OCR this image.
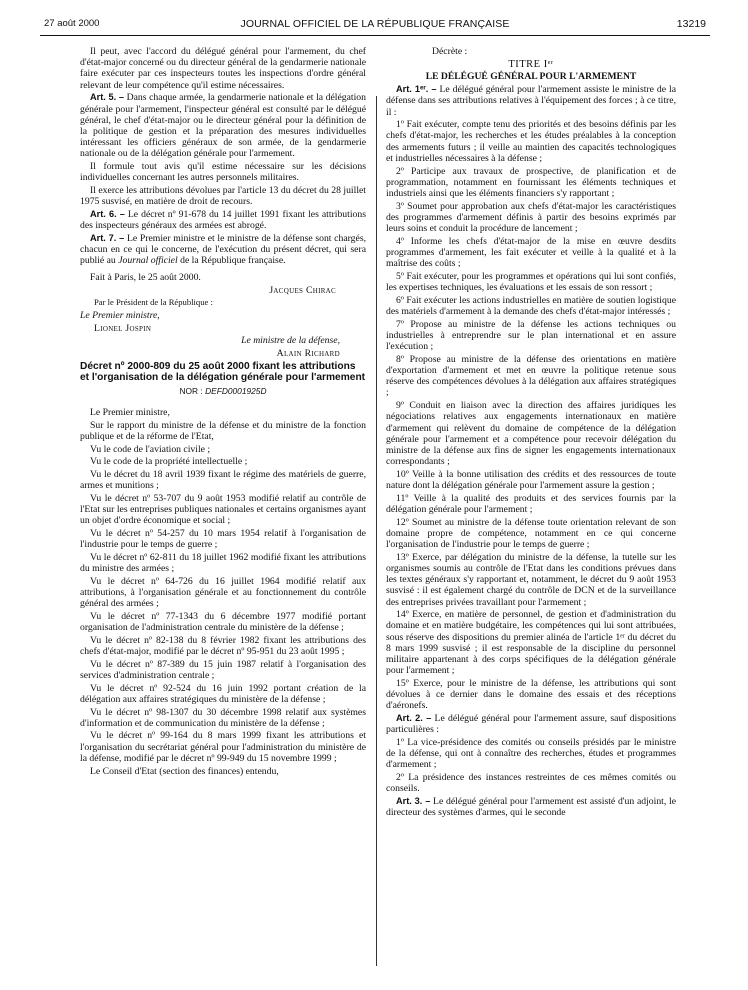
27 août 2000	JOURNAL OFFICIEL DE LA RÉPUBLIQUE FRANÇAISE	13219

Il peut, avec l'accord du délégué général pour l'armement, du chef d'état-major concerné ou du directeur général de la gendarmerie nationale faire exécuter par ces inspecteurs toutes les inspections d'ordre général relevant de leur compétence qu'il estime nécessaires.

Art. 5. – Dans chaque armée, la gendarmerie nationale et la délégation générale pour l'armement, l'inspecteur général est consulté par le délégué général, le chef d'état-major ou le directeur général pour la définition de la politique de gestion et la préparation des mesures individuelles intéressant les officiers généraux de son armée, de la gendarmerie nationale ou de la délégation générale pour l'armement.

Il formule tout avis qu'il estime nécessaire sur les décisions individuelles concernant les autres personnels militaires.

Il exerce les attributions dévolues par l'article 13 du décret du 28 juillet 1975 susvisé, en matière de droit de recours.

Art. 6. – Le décret nº 91-678 du 14 juillet 1991 fixant les attributions des inspecteurs généraux des armées est abrogé.

Art. 7. – Le Premier ministre et le ministre de la défense sont chargés, chacun en ce qui le concerne, de l'exécution du présent décret, qui sera publié au Journal officiel de la République française.

Fait à Paris, le 25 août 2000.

Jacques Chirac

Par le Président de la République :

Le Premier ministre,

Lionel Jospin

Le ministre de la défense,

Alain Richard

Décret nº 2000-809 du 25 août 2000 fixant les attributions et l'organisation de la délégation générale pour l'armement

NOR : DEFD0001925D

Le Premier ministre,

Sur le rapport du ministre de la défense et du ministre de la fonction publique et de la réforme de l'Etat,

Vu le code de l'aviation civile ;

Vu le code de la propriété intellectuelle ;

Vu le décret du 18 avril 1939 fixant le régime des matériels de guerre, armes et munitions ;

Vu le décret nº 53-707 du 9 août 1953 modifié relatif au contrôle de l'Etat sur les entreprises publiques nationales et certains organismes ayant un objet d'ordre économique et social ;

Vu le décret nº 54-257 du 10 mars 1954 relatif à l'organisation de l'industrie pour le temps de guerre ;

Vu le décret nº 62-811 du 18 juillet 1962 modifié fixant les attributions du ministre des armées ;

Vu le décret nº 64-726 du 16 juillet 1964 modifié relatif aux attributions, à l'organisation générale et au fonctionnement du contrôle général des armées ;

Vu le décret nº 77-1343 du 6 décembre 1977 modifié portant organisation de l'administration centrale du ministère de la défense ;

Vu le décret nº 82-138 du 8 février 1982 fixant les attributions des chefs d'état-major, modifié par le décret nº 95-951 du 23 août 1995 ;

Vu le décret nº 87-389 du 15 juin 1987 relatif à l'organisation des services d'administration centrale ;

Vu le décret nº 92-524 du 16 juin 1992 portant création de la délégation aux affaires stratégiques du ministère de la défense ;

Vu le décret nº 98-1307 du 30 décembre 1998 relatif aux systèmes d'information et de communication du ministère de la défense ;

Vu le décret nº 99-164 du 8 mars 1999 fixant les attributions et l'organisation du secrétariat général pour l'administration du ministère de la défense, modifié par le décret nº 99-949 du 15 novembre 1999 ;

Le Conseil d'Etat (section des finances) entendu,

Décrète :

TITRE Iᵉʳ

LE DÉLÉGUÉ GÉNÉRAL POUR L'ARMEMENT

Art. 1ᵉʳ. – Le délégué général pour l'armement assiste le ministre de la défense dans ses attributions relatives à l'équipement des forces ; à ce titre, il :

1º Fait exécuter, compte tenu des priorités et des besoins définis par les chefs d'état-major, les recherches et les études préalables à la conception des armements futurs ; il veille au maintien des capacités technologiques et industrielles nécessaires à la défense ;

2º Participe aux travaux de prospective, de planification et de programmation, notamment en fournissant les éléments techniques et industriels ainsi que les éléments financiers s'y rapportant ;

3º Soumet pour approbation aux chefs d'état-major les caractéristiques des programmes d'armement définis à partir des besoins exprimés par leurs soins et conduit la procédure de lancement ;

4º Informe les chefs d'état-major de la mise en œuvre desdits programmes d'armement, les fait exécuter et veille à la qualité et à la maîtrise des coûts ;

5º Fait exécuter, pour les programmes et opérations qui lui sont confiés, les expertises techniques, les évaluations et les essais de son ressort ;

6º Fait exécuter les actions industrielles en matière de soutien logistique des matériels d'armement à la demande des chefs d'état-major intéressés ;

7º Propose au ministre de la défense les actions techniques ou industrielles à entreprendre sur le plan international et en assure l'exécution ;

8º Propose au ministre de la défense des orientations en matière d'exportation d'armement et met en œuvre la politique retenue sous réserve des compétences dévolues à la délégation aux affaires stratégiques ;

9º Conduit en liaison avec la direction des affaires juridiques les négociations relatives aux engagements internationaux en matière d'armement qui relèvent du domaine de compétence de la délégation générale pour l'armement et a compétence pour recevoir délégation du ministre de la défense aux fins de signer les engagements internationaux correspondants ;

10º Veille à la bonne utilisation des crédits et des ressources de toute nature dont la délégation générale pour l'armement assure la gestion ;

11º Veille à la qualité des produits et des services fournis par la délégation générale pour l'armement ;

12º Soumet au ministre de la défense toute orientation relevant de son domaine propre de compétence, notamment en ce qui concerne l'organisation de l'industrie pour le temps de guerre ;

13º Exerce, par délégation du ministre de la défense, la tutelle sur les organismes soumis au contrôle de l'Etat dans les conditions prévues dans les textes généraux s'y rapportant et, notamment, le décret du 9 août 1953 susvisé : il est également chargé du contrôle de DCN et de la surveillance des entreprises privées travaillant pour l'armement ;

14º Exerce, en matière de personnel, de gestion et d'administration du domaine et en matière budgétaire, les compétences qui lui sont attribuées, sous réserve des dispositions du premier alinéa de l'article 1ᵉʳ du décret du 8 mars 1999 susvisé ; il est responsable de la discipline du personnel militaire appartenant à des corps spécifiques de la délégation générale pour l'armement ;

15º Exerce, pour le ministre de la défense, les attributions qui sont dévolues à ce dernier dans le domaine des essais et des réceptions d'aéronefs.

Art. 2. – Le délégué général pour l'armement assure, sauf dispositions particulières :

1º La vice-présidence des comités ou conseils présidés par le ministre de la défense, qui ont à connaître des recherches, études et programmes d'armement ;

2º La présidence des instances restreintes de ces mêmes comités ou conseils.

Art. 3. – Le délégué général pour l'armement est assisté d'un adjoint, le directeur des systèmes d'armes, qui le seconde
